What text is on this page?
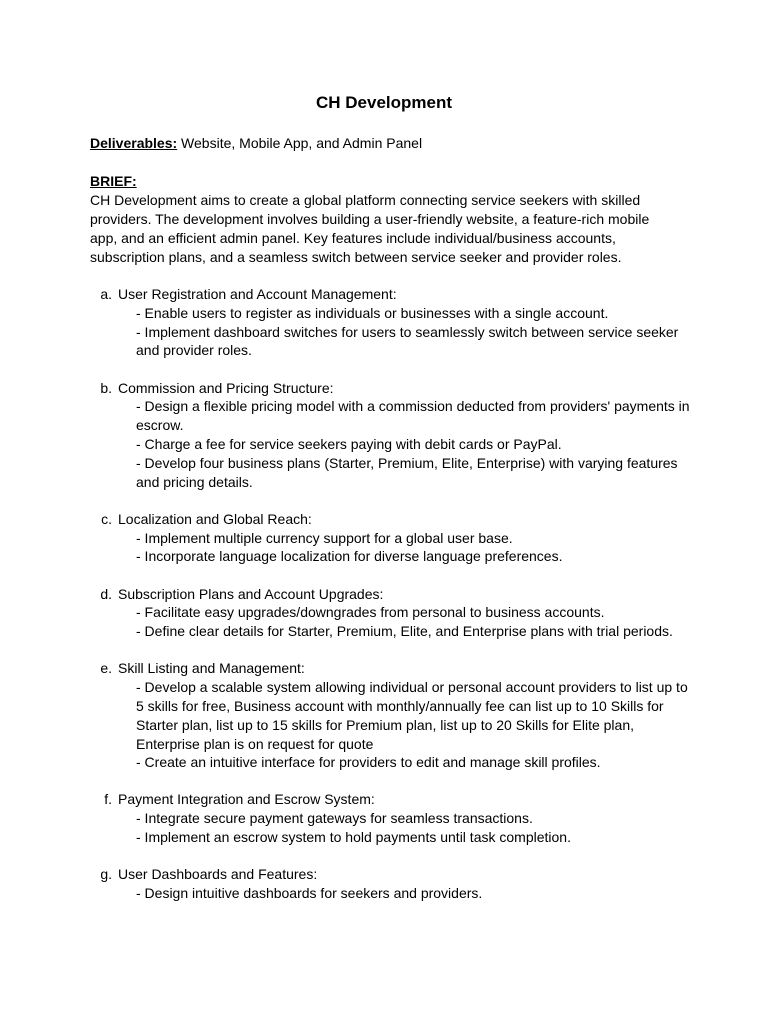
CH Development

Deliverables: Website, Mobile App, and Admin Panel

BRIEF:

CH Development aims to create a global platform connecting service seekers with skilled providers. The development involves building a user-friendly website, a feature-rich mobile app, and an efficient admin panel. Key features include individual/business accounts, subscription plans, and a seamless switch between service seeker and provider roles.

a. User Registration and Account Management:

- Enable users to register as individuals or businesses with a single account.

- Implement dashboard switches for users to seamlessly switch between service seeker and provider roles.

b. Commission and Pricing Structure:

- Design a flexible pricing model with a commission deducted from providers' payments in escrow.

- Charge a fee for service seekers paying with debit cards or PayPal.

- Develop four business plans (Starter, Premium, Elite, Enterprise) with varying features and pricing details.

c. Localization and Global Reach:

- Implement multiple currency support for a global user base.

- Incorporate language localization for diverse language preferences.

d. Subscription Plans and Account Upgrades:

- Facilitate easy upgrades/downgrades from personal to business accounts.

- Define clear details for Starter, Premium, Elite, and Enterprise plans with trial periods.

e. Skill Listing and Management:

- Develop a scalable system allowing individual or personal account providers to list up to 5 skills for free, Business account with monthly/annually fee can list up to 10 Skills for Starter plan, list up to 15 skills for Premium plan, list up to 20 Skills for Elite plan, Enterprise plan is on request for quote

- Create an intuitive interface for providers to edit and manage skill profiles.

f. Payment Integration and Escrow System:

- Integrate secure payment gateways for seamless transactions.

- Implement an escrow system to hold payments until task completion.

g. User Dashboards and Features:

- Design intuitive dashboards for seekers and providers.
